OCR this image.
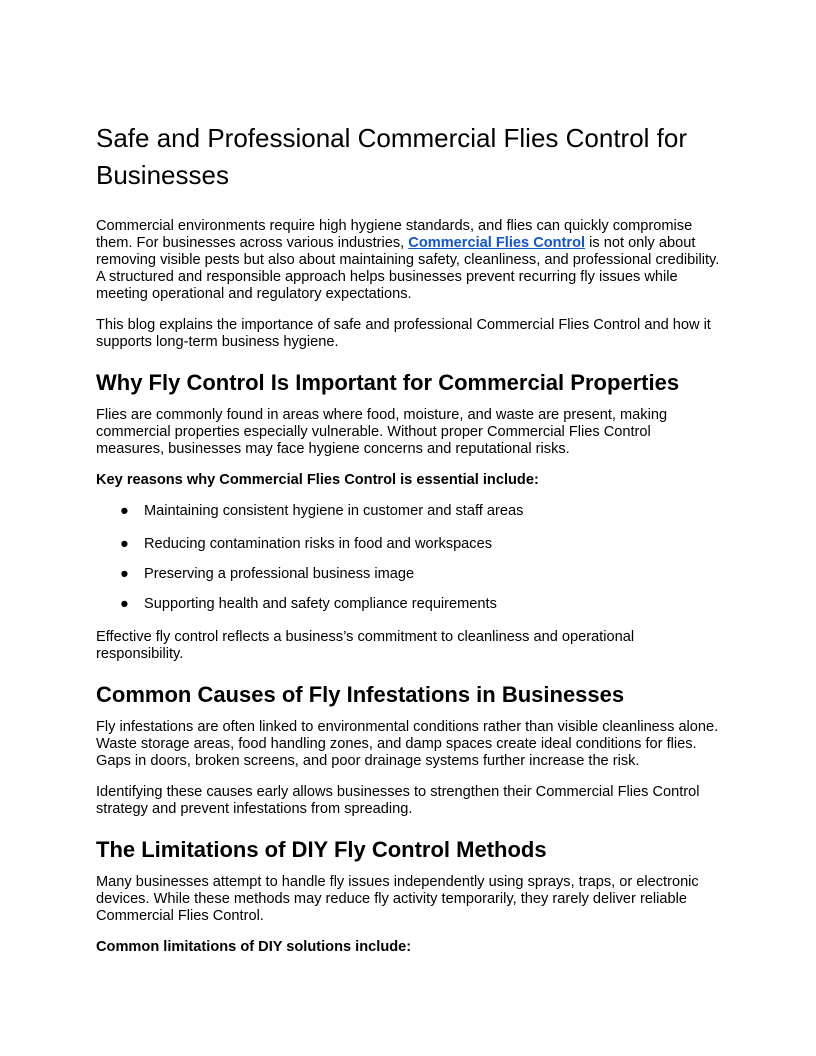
Safe and Professional Commercial Flies Control for Businesses

Commercial environments require high hygiene standards, and flies can quickly compromise them. For businesses across various industries, Commercial Flies Control is not only about removing visible pests but also about maintaining safety, cleanliness, and professional credibility. A structured and responsible approach helps businesses prevent recurring fly issues while meeting operational and regulatory expectations.

This blog explains the importance of safe and professional Commercial Flies Control and how it supports long-term business hygiene.

Why Fly Control Is Important for Commercial Properties

Flies are commonly found in areas where food, moisture, and waste are present, making commercial properties especially vulnerable. Without proper Commercial Flies Control measures, businesses may face hygiene concerns and reputational risks.

Key reasons why Commercial Flies Control is essential include:

● Maintaining consistent hygiene in customer and staff areas
● Reducing contamination risks in food and workspaces
● Preserving a professional business image
● Supporting health and safety compliance requirements

Effective fly control reflects a business’s commitment to cleanliness and operational responsibility.

Common Causes of Fly Infestations in Businesses

Fly infestations are often linked to environmental conditions rather than visible cleanliness alone. Waste storage areas, food handling zones, and damp spaces create ideal conditions for flies. Gaps in doors, broken screens, and poor drainage systems further increase the risk.

Identifying these causes early allows businesses to strengthen their Commercial Flies Control strategy and prevent infestations from spreading.

The Limitations of DIY Fly Control Methods

Many businesses attempt to handle fly issues independently using sprays, traps, or electronic devices. While these methods may reduce fly activity temporarily, they rarely deliver reliable Commercial Flies Control.

Common limitations of DIY solutions include:
